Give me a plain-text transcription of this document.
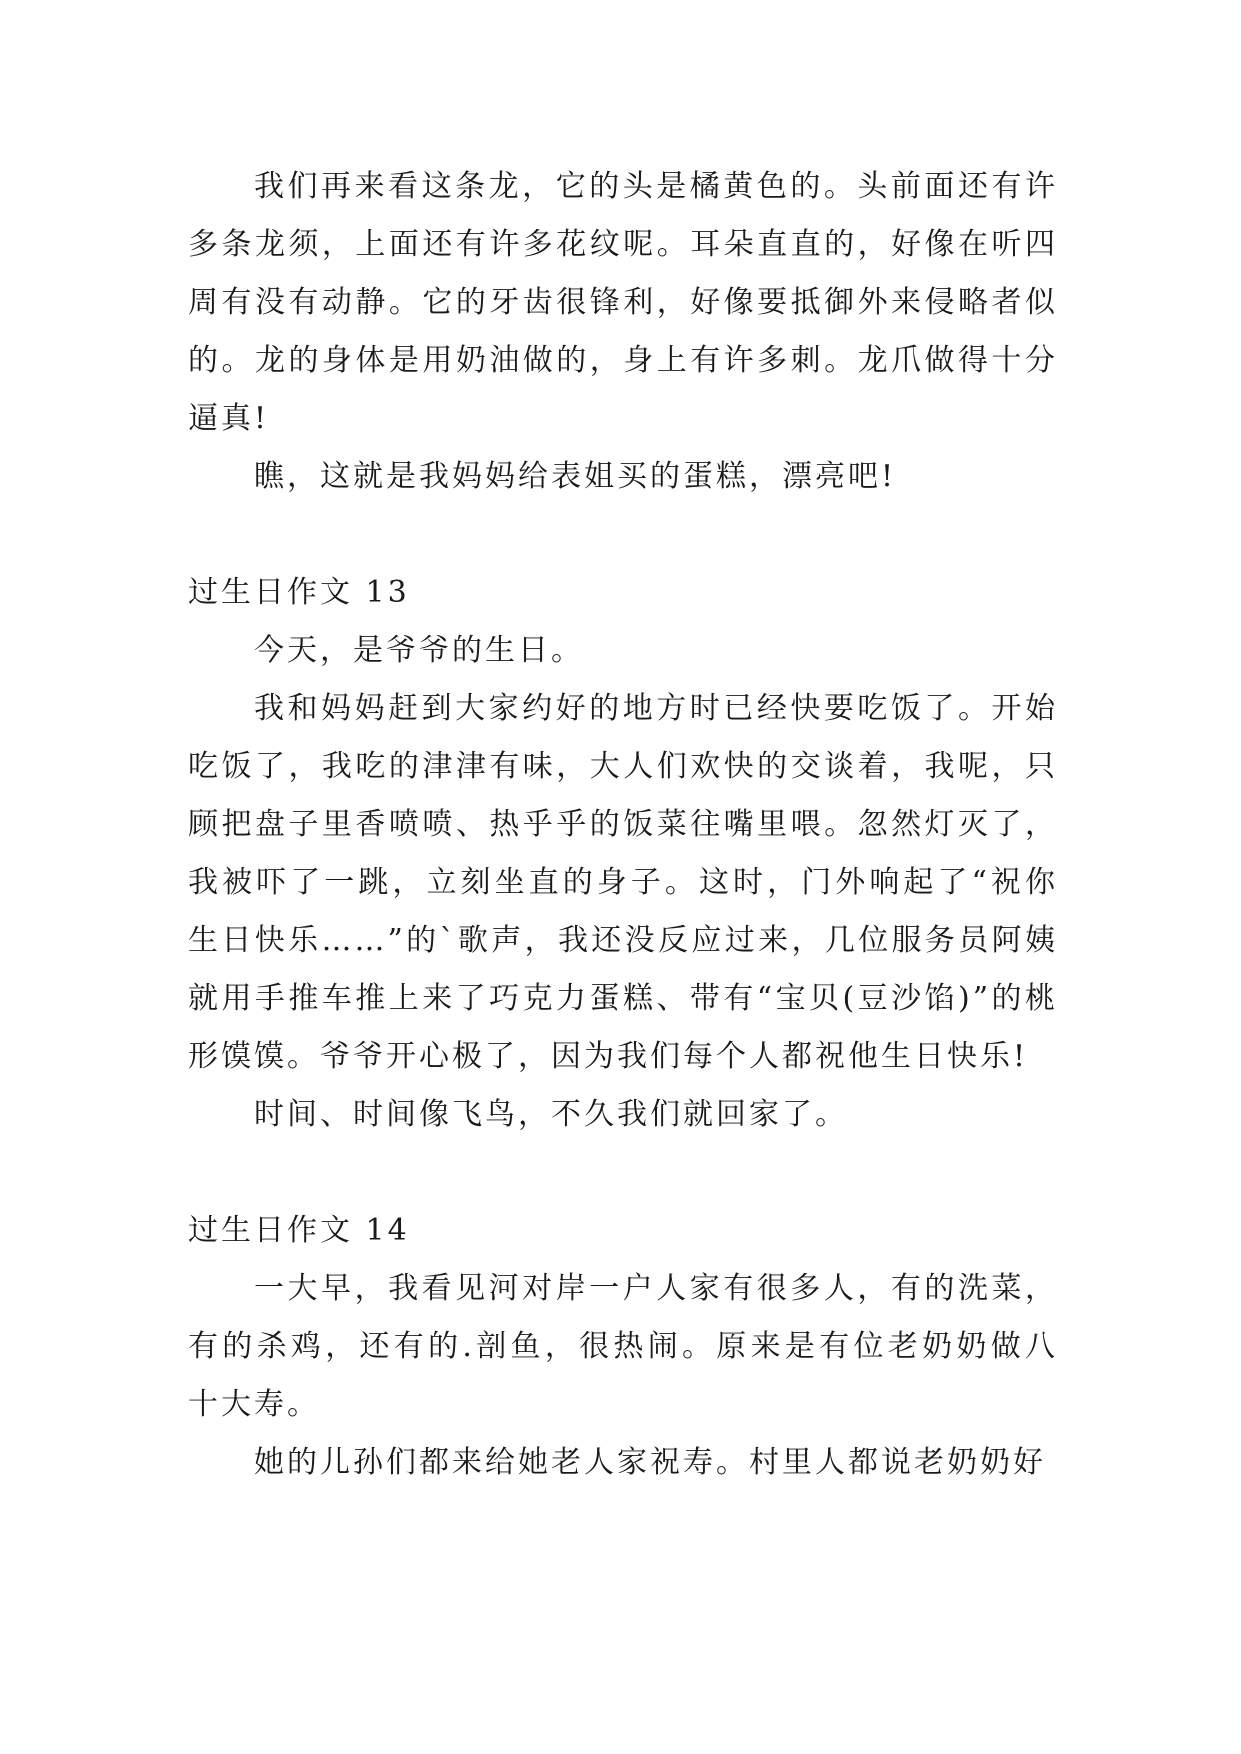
我们再来看这条龙，它的头是橘黄色的。头前面还有许多条龙须，上面还有许多花纹呢。耳朵直直的，好像在听四周有没有动静。它的牙齿很锋利，好像要抵御外来侵略者似的。龙的身体是用奶油做的，身上有许多刺。龙爪做得十分逼真!

瞧，这就是我妈妈给表姐买的蛋糕，漂亮吧!

过生日作文 13

今天，是爷爷的生日。

我和妈妈赶到大家约好的地方时已经快要吃饭了。开始吃饭了，我吃的津津有味，大人们欢快的交谈着，我呢，只顾把盘子里香喷喷、热乎乎的饭菜往嘴里喂。忽然灯灭了，我被吓了一跳，立刻坐直的身子。这时，门外响起了“祝你生日快乐……”的`歌声，我还没反应过来，几位服务员阿姨就用手推车推上来了巧克力蛋糕、带有“宝贝(豆沙馅)”的桃形馍馍。爷爷开心极了，因为我们每个人都祝他生日快乐!

时间、时间像飞鸟，不久我们就回家了。

过生日作文 14

一大早，我看见河对岸一户人家有很多人，有的洗菜，有的杀鸡，还有的.剖鱼，很热闹。原来是有位老奶奶做八十大寿。

她的儿孙们都来给她老人家祝寿。村里人都说老奶奶好
